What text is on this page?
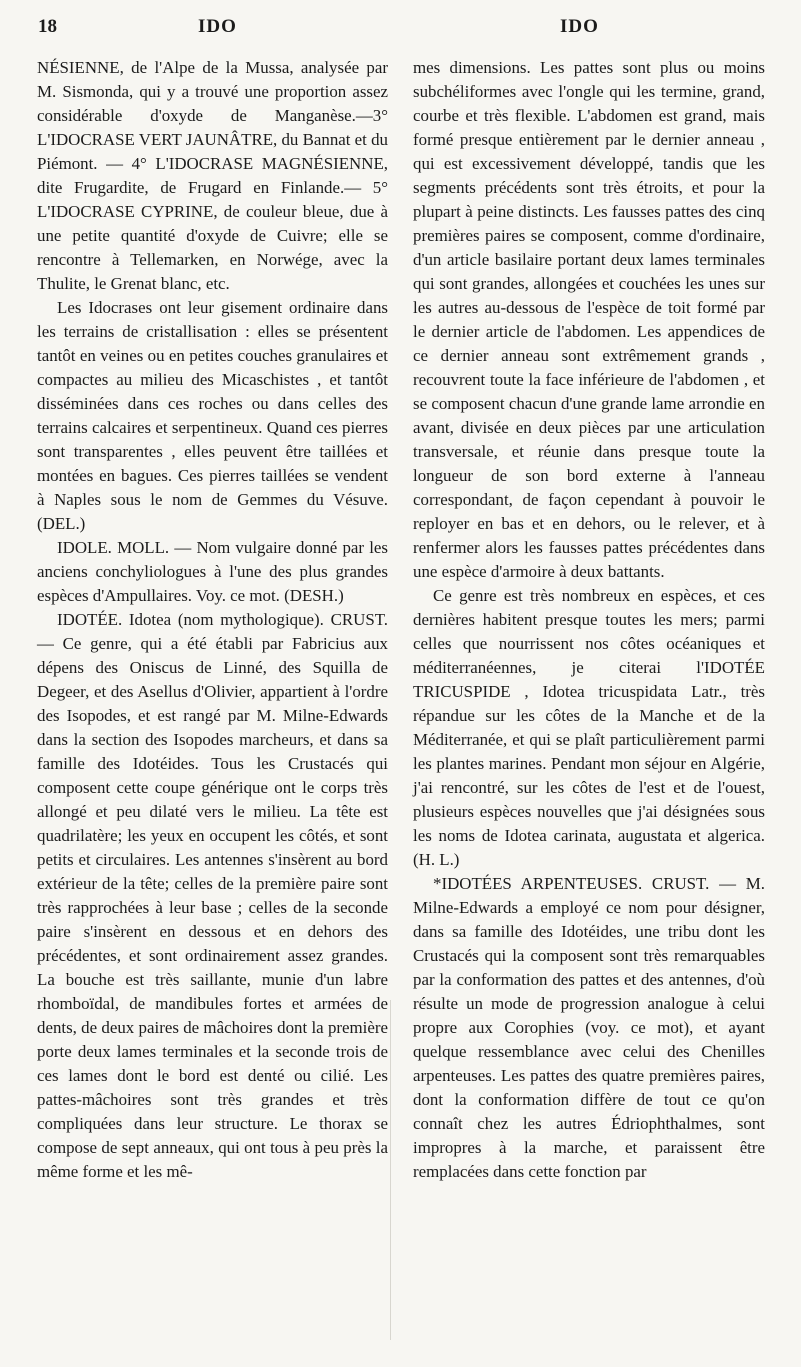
18	IDO	IDO

NÉSIENNE, de l'Alpe de la Mussa, analysée par M. Sismonda, qui y a trouvé une proportion assez considérable d'oxyde de Manganèse.—3° L'IDOCRASE VERT JAUNÂTRE, du Bannat et du Piémont. — 4° L'IDOCRASE MAGNÉSIENNE, dite Frugardite, de Frugard en Finlande.— 5° L'IDOCRASE CYPRINE, de couleur bleue, due à une petite quantité d'oxyde de Cuivre; elle se rencontre à Tellemarken, en Norwége, avec la Thulite, le Grenat blanc, etc.

Les Idocrases ont leur gisement ordinaire dans les terrains de cristallisation : elles se présentent tantôt en veines ou en petites couches granulaires et compactes au milieu des Micaschistes , et tantôt disséminées dans ces roches ou dans celles des terrains calcaires et serpentineux. Quand ces pierres sont transparentes , elles peuvent être taillées et montées en bagues. Ces pierres taillées se vendent à Naples sous le nom de Gemmes du Vésuve. (DEL.)

IDOLE. MOLL. — Nom vulgaire donné par les anciens conchyliologues à l'une des plus grandes espèces d'Ampullaires. Voy. ce mot. (DESH.)

IDOTÉE. Idotea (nom mythologique). CRUST. — Ce genre, qui a été établi par Fabricius aux dépens des Oniscus de Linné, des Squilla de Degeer, et des Asellus d'Olivier, appartient à l'ordre des Isopodes, et est rangé par M. Milne-Edwards dans la section des Isopodes marcheurs, et dans sa famille des Idotéides. Tous les Crustacés qui composent cette coupe générique ont le corps très allongé et peu dilaté vers le milieu. La tête est quadrilatère; les yeux en occupent les côtés, et sont petits et circulaires. Les antennes s'insèrent au bord extérieur de la tête; celles de la première paire sont très rapprochées à leur base ; celles de la seconde paire s'insèrent en dessous et en dehors des précédentes, et sont ordinairement assez grandes. La bouche est très saillante, munie d'un labre rhomboïdal, de mandibules fortes et armées de dents, de deux paires de mâchoires dont la première porte deux lames terminales et la seconde trois de ces lames dont le bord est denté ou cilié. Les pattes-mâchoires sont très grandes et très compliquées dans leur structure. Le thorax se compose de sept anneaux, qui ont tous à peu près la même forme et les mê-

mes dimensions. Les pattes sont plus ou moins subchéliformes avec l'ongle qui les termine, grand, courbe et très flexible. L'abdomen est grand, mais formé presque entièrement par le dernier anneau , qui est excessivement développé, tandis que les segments précédents sont très étroits, et pour la plupart à peine distincts. Les fausses pattes des cinq premières paires se composent, comme d'ordinaire, d'un article basilaire portant deux lames terminales qui sont grandes, allongées et couchées les unes sur les autres au-dessous de l'espèce de toit formé par le dernier article de l'abdomen. Les appendices de ce dernier anneau sont extrêmement grands , recouvrent toute la face inférieure de l'abdomen , et se composent chacun d'une grande lame arrondie en avant, divisée en deux pièces par une articulation transversale, et réunie dans presque toute la longueur de son bord externe à l'anneau correspondant, de façon cependant à pouvoir le reployer en bas et en dehors, ou le relever, et à renfermer alors les fausses pattes précédentes dans une espèce d'armoire à deux battants.

Ce genre est très nombreux en espèces, et ces dernières habitent presque toutes les mers; parmi celles que nourrissent nos côtes océaniques et méditerranéennes, je citerai l'IDOTÉE TRICUSPIDE , Idotea tricuspidata Latr., très répandue sur les côtes de la Manche et de la Méditerranée, et qui se plaît particulièrement parmi les plantes marines. Pendant mon séjour en Algérie, j'ai rencontré, sur les côtes de l'est et de l'ouest, plusieurs espèces nouvelles que j'ai désignées sous les noms de Idotea carinata, augustata et algerica. (H. L.)

*IDOTÉES ARPENTEUSES. CRUST. — M. Milne-Edwards a employé ce nom pour désigner, dans sa famille des Idotéides, une tribu dont les Crustacés qui la composent sont très remarquables par la conformation des pattes et des antennes, d'où résulte un mode de progression analogue à celui propre aux Corophies (voy. ce mot), et ayant quelque ressemblance avec celui des Chenilles arpenteuses. Les pattes des quatre premières paires, dont la conformation diffère de tout ce qu'on connaît chez les autres Édriophthalmes, sont impropres à la marche, et paraissent être remplacées dans cette fonction par
